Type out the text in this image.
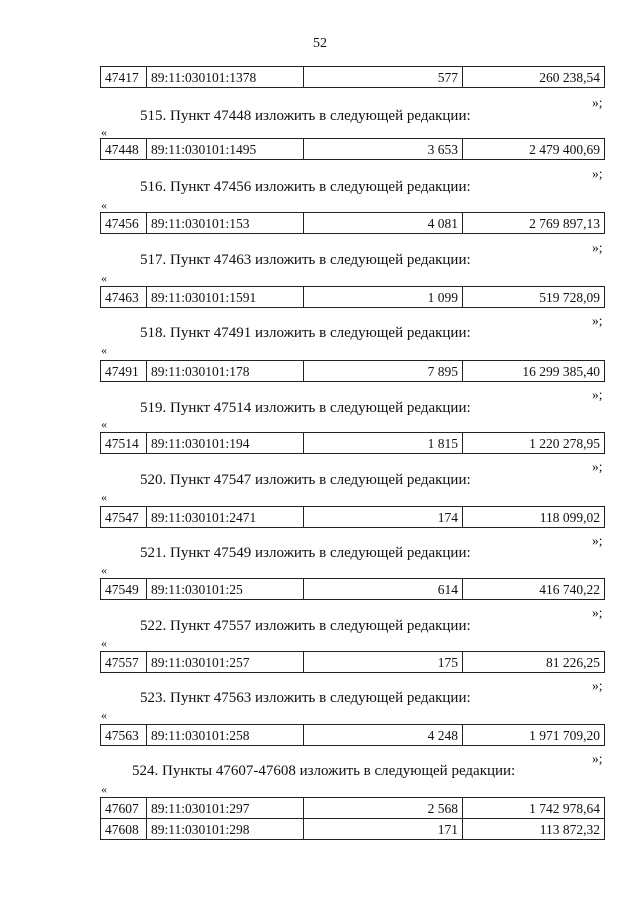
52
47417	89:11:030101:1378	577	260 238,54
»;
515. Пункт 47448 изложить в следующей редакции:
«
47448	89:11:030101:1495	3 653	2 479 400,69
»;
516. Пункт 47456 изложить в следующей редакции:
«
47456	89:11:030101:153	4 081	2 769 897,13
»;
517. Пункт 47463 изложить в следующей редакции:
«
47463	89:11:030101:1591	1 099	519 728,09
»;
518. Пункт 47491 изложить в следующей редакции:
«
47491	89:11:030101:178	7 895	16 299 385,40
»;
519. Пункт 47514 изложить в следующей редакции:
«
47514	89:11:030101:194	1 815	1 220 278,95
»;
520. Пункт 47547 изложить в следующей редакции:
«
47547	89:11:030101:2471	174	118 099,02
»;
521. Пункт 47549 изложить в следующей редакции:
«
47549	89:11:030101:25	614	416 740,22
»;
522. Пункт 47557 изложить в следующей редакции:
«
47557	89:11:030101:257	175	81 226,25
»;
523. Пункт 47563 изложить в следующей редакции:
«
47563	89:11:030101:258	4 248	1 971 709,20
»;
524. Пункты 47607-47608 изложить в следующей редакции:
«
47607	89:11:030101:297	2 568	1 742 978,64
47608	89:11:030101:298	171	113 872,32
